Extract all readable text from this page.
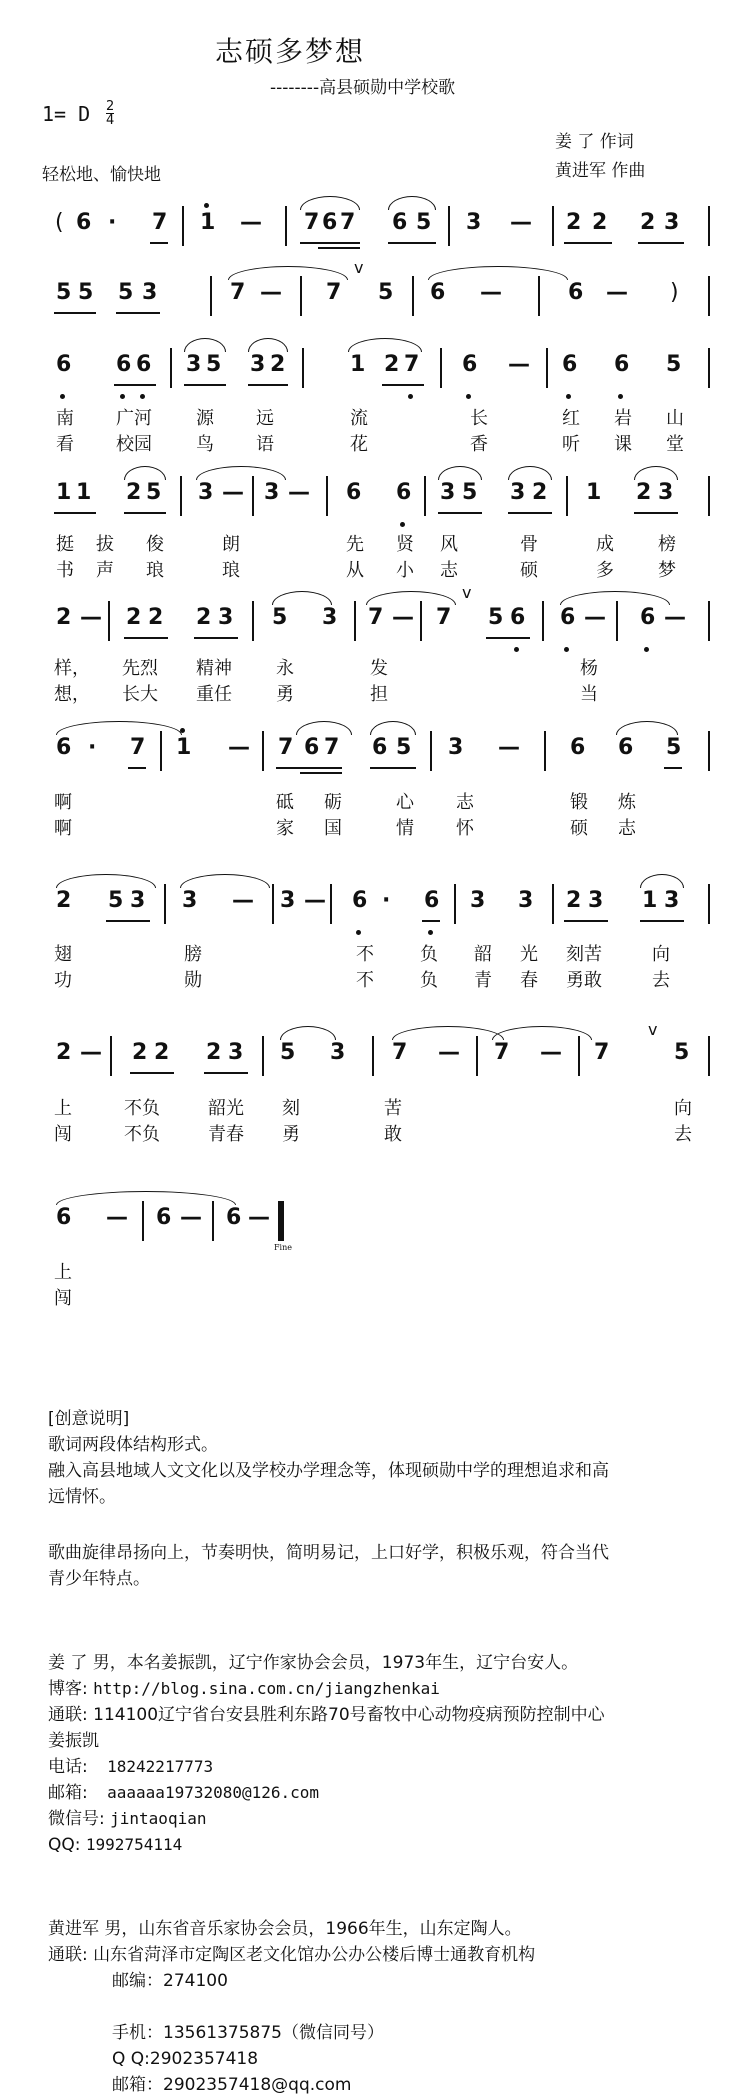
志硕多梦想
--------高县硕勋中学校歌
1= D 2
4
姜 了 作词
黄进军 作曲
轻松地、愉快地
( 6 · 7 1 — 7 6 7 6 5 3 — 2 2 2 3
5 5 5 3	7 — 7
v
5 6 —	6 — )
6 6 6 3 5 3 2	1 2 7 6 — 6 6 5
南 广河 源 远	流	长	红 岩 山
看 校园 鸟 语	花	香	听 课 堂
1 1 2 5 3 — 3 — 6 6 3 5 3 2 1 2 3
挺 拔 俊	朗	先 贤 风	骨	成 榜
书 声 琅	琅	从 小 志	硕	多 梦
2 — 2 2 2 3 5 3 7 — 7
v
5 6 6 — 6 —
样， 先烈 精神 永	发	杨
想， 长大 重任 勇	担	当
6 · 7 1 — 7 6 7 6 5 3 — 6 6 5
啊	砥 砺	心 志	锻 炼
啊	家 国	情 怀	硕 志
2 5 3 3 — 3 — 6 · 6 3 3 2 3 1 3
翅	膀	不	负 韶 光 刻苦	向
功	勋	不	负 青 春 勇敢	去
2 — 2 2 2 3 5 3 7 — 7 — 7
v
5
上	不负	韶光 刻	苦	向
闯	不负	青春 勇	敢	去
6 — 6 — 6 —
Fine
上
闯
[创意说明]
歌词两段体结构形式。
融入高县地域人文文化以及学校办学理念等，体现硕勋中学的理想追求和高
远情怀。
歌曲旋律昂扬向上，节奏明快，简明易记，上口好学，积极乐观，符合当代
青少年特点。
姜 了 男，本名姜振凯，辽宁作家协会会员，1973年生，辽宁台安人。
博客: http://blog.sina.com.cn/jiangzhenkai
通联: 114100辽宁省台安县胜利东路70号畜牧中心动物疫病预防控制中心
姜振凯
电话: 18242217773
邮箱: aaaaaa19732080@126.com
微信号: jintaoqian
QQ: 1992754114
黄进军 男，山东省音乐家协会会员，1966年生，山东定陶人。
通联: 山东省菏泽市定陶区老文化馆办公办公楼后博士通教育机构
邮编：274100
手机：13561375875（微信同号）
Q Q:2902357418
邮箱：2902357418@qq.com
